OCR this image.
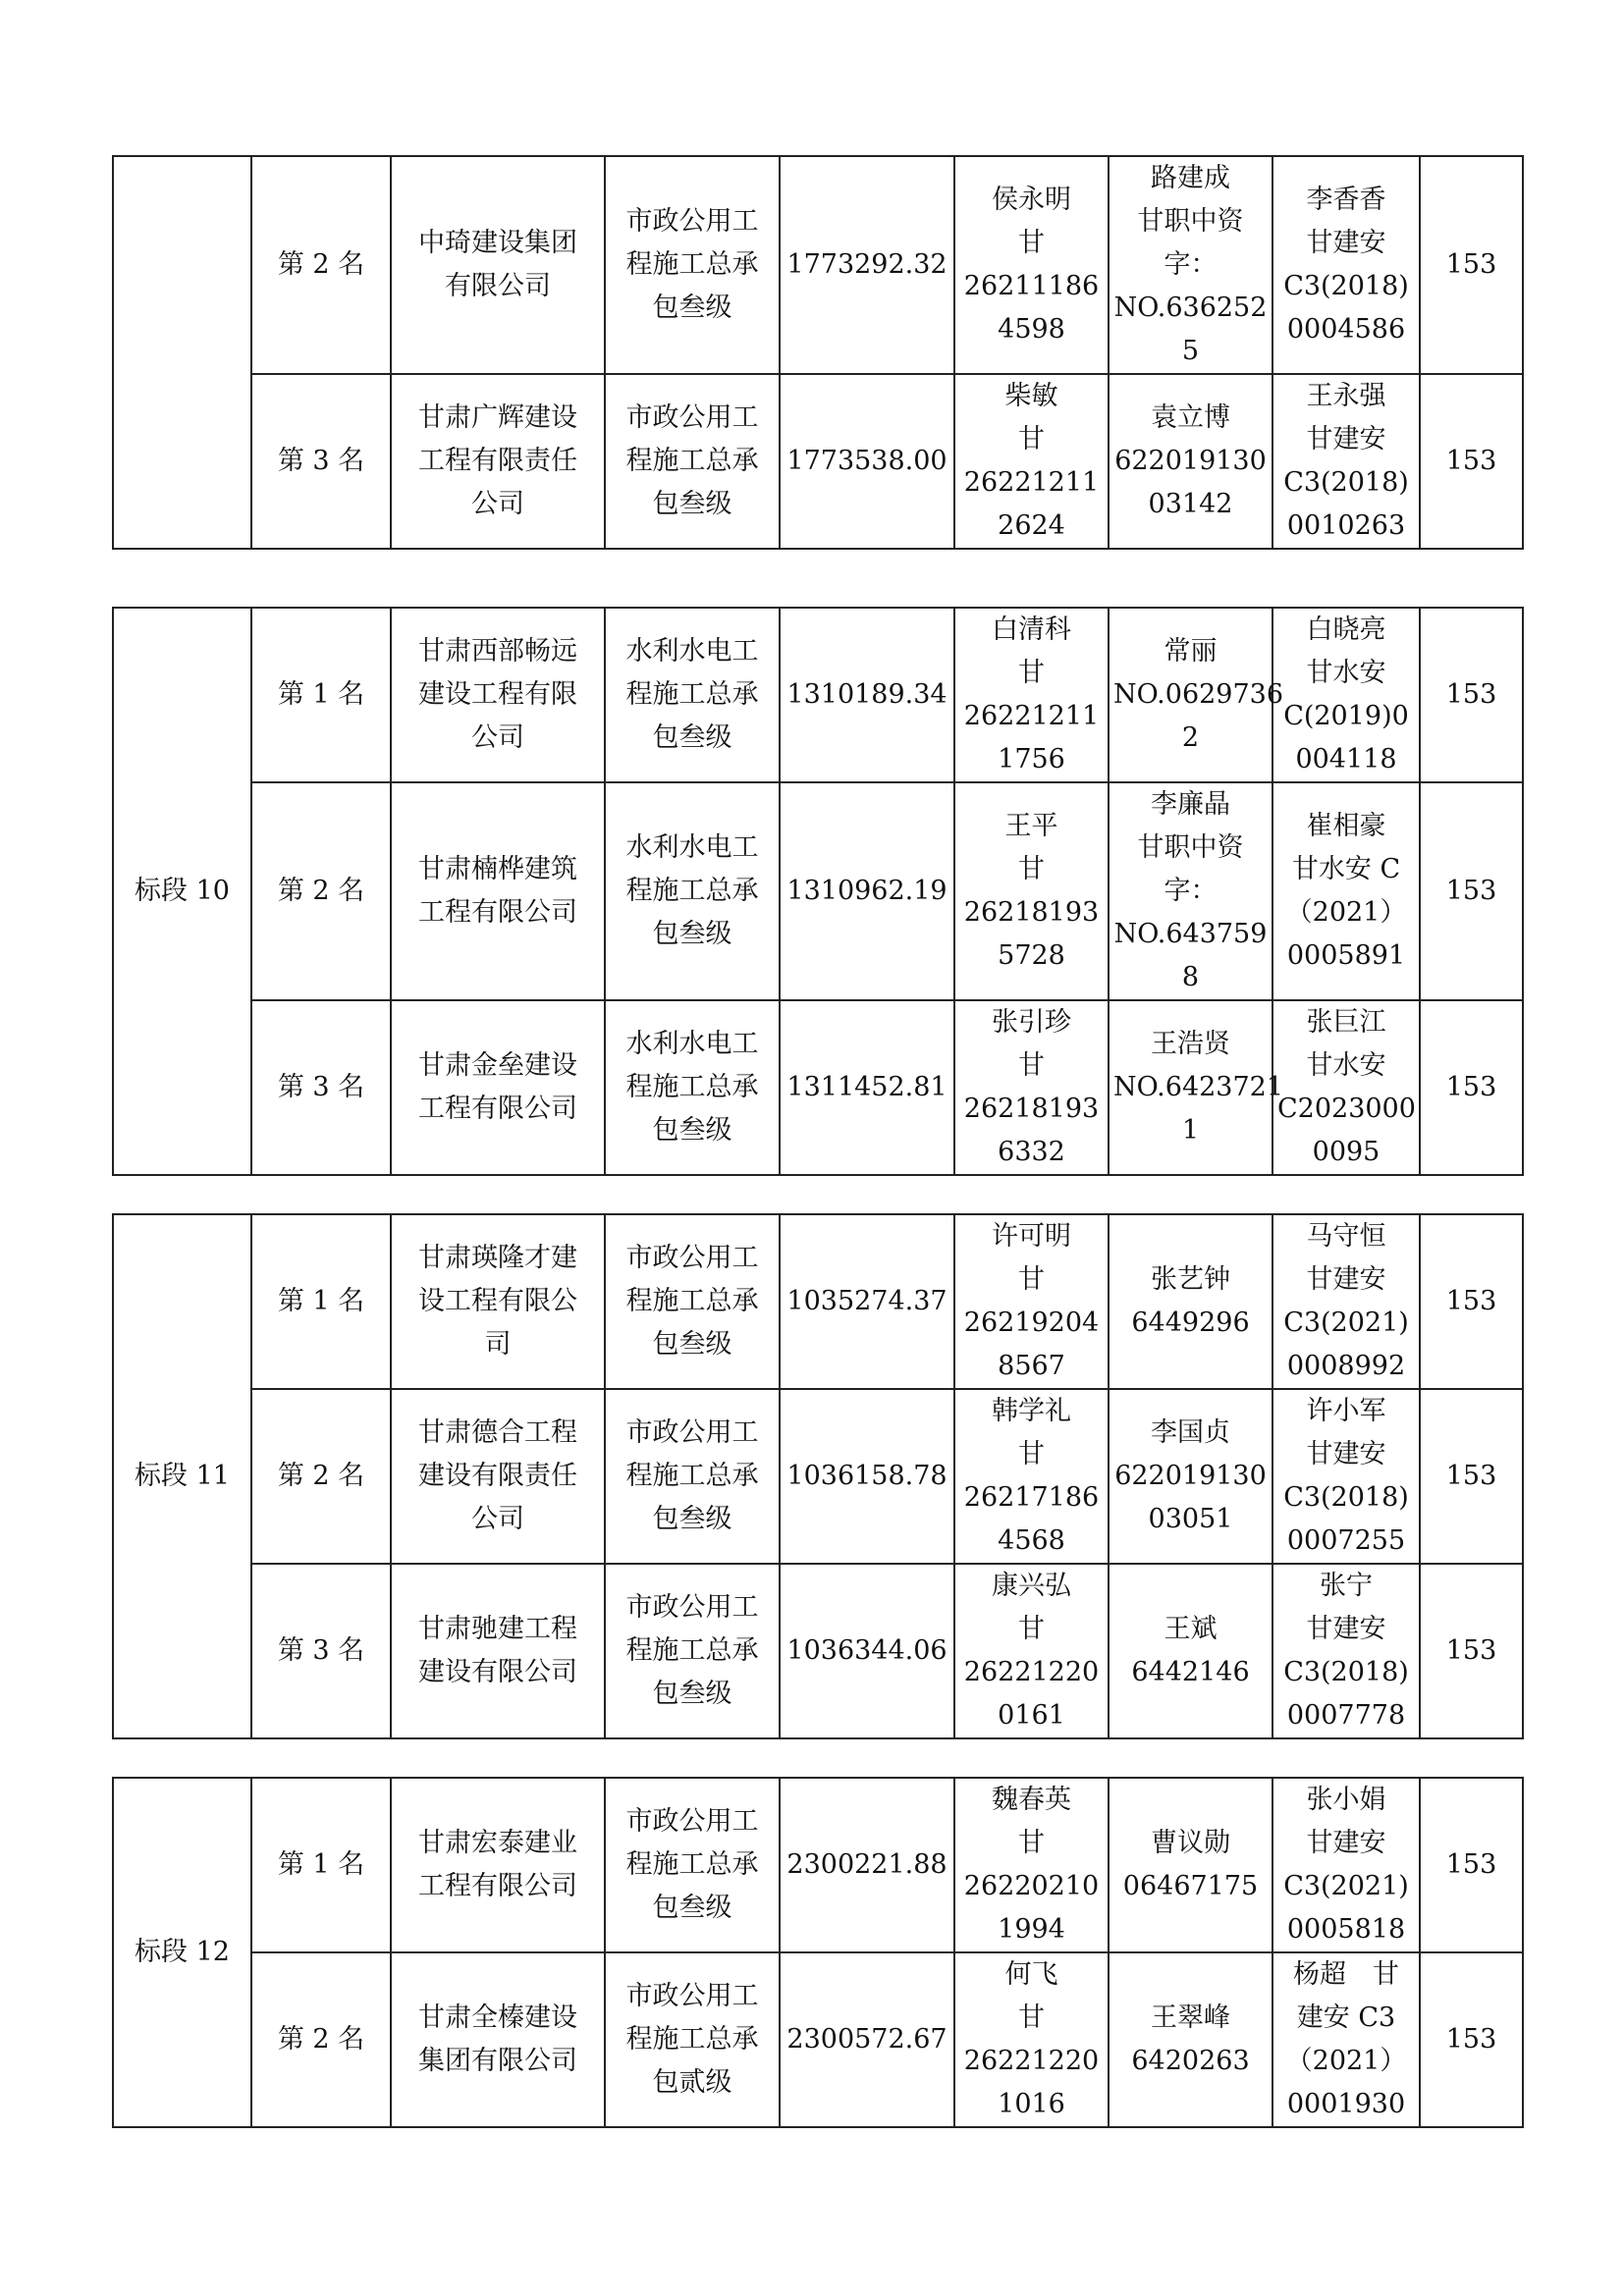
	第 2 名	中琦建设集团
有限公司	市政公用工
程施工总承
包叁级	1773292.32	侯永明
甘
26211186
4598	路建成
甘职中资
字：
NO.636252
5	李香香
甘建安
C3(2018)
0004586	153
	第 3 名	甘肃广辉建设
工程有限责任
公司	市政公用工
程施工总承
包叁级	1773538.00	柴敏
甘
26221211
2624	袁立博
622019130
03142	王永强
甘建安
C3(2018)
0010263	153
标段 10	第 1 名	甘肃西部畅远
建设工程有限
公司	水利水电工
程施工总承
包叁级	1310189.34	白清科
甘
26221211
1756	常丽
NO.0629736
2	白晓亮
甘水安
C(2019)0
004118	153
	第 2 名	甘肃楠桦建筑
工程有限公司	水利水电工
程施工总承
包叁级	1310962.19	王平
甘
26218193
5728	李廉晶
甘职中资
字：
NO.643759
8	崔相豪
甘水安 C
（2021）
0005891	153
	第 3 名	甘肃金垒建设
工程有限公司	水利水电工
程施工总承
包叁级	1311452.81	张引珍
甘
26218193
6332	王浩贤
NO.6423721
1	张巨江
甘水安
C2023000
0095	153
标段 11	第 1 名	甘肃瑛隆才建
设工程有限公
司	市政公用工
程施工总承
包叁级	1035274.37	许可明
甘
26219204
8567	张艺钟
6449296	马守恒
甘建安
C3(2021)
0008992	153
	第 2 名	甘肃德合工程
建设有限责任
公司	市政公用工
程施工总承
包叁级	1036158.78	韩学礼
甘
26217186
4568	李国贞
622019130
03051	许小军
甘建安
C3(2018)
0007255	153
	第 3 名	甘肃驰建工程
建设有限公司	市政公用工
程施工总承
包叁级	1036344.06	康兴弘
甘
26221220
0161	王斌
6442146	张宁
甘建安
C3(2018)
0007778	153
标段 12	第 1 名	甘肃宏泰建业
工程有限公司	市政公用工
程施工总承
包叁级	2300221.88	魏春英
甘
26220210
1994	曹议勋
06467175	张小娟
甘建安
C3(2021)
0005818	153
	第 2 名	甘肃全榛建设
集团有限公司	市政公用工
程施工总承
包贰级	2300572.67	何飞
甘
26221220
1016	王翠峰
6420263	杨超　甘
建安 C3
（2021）
0001930	153
